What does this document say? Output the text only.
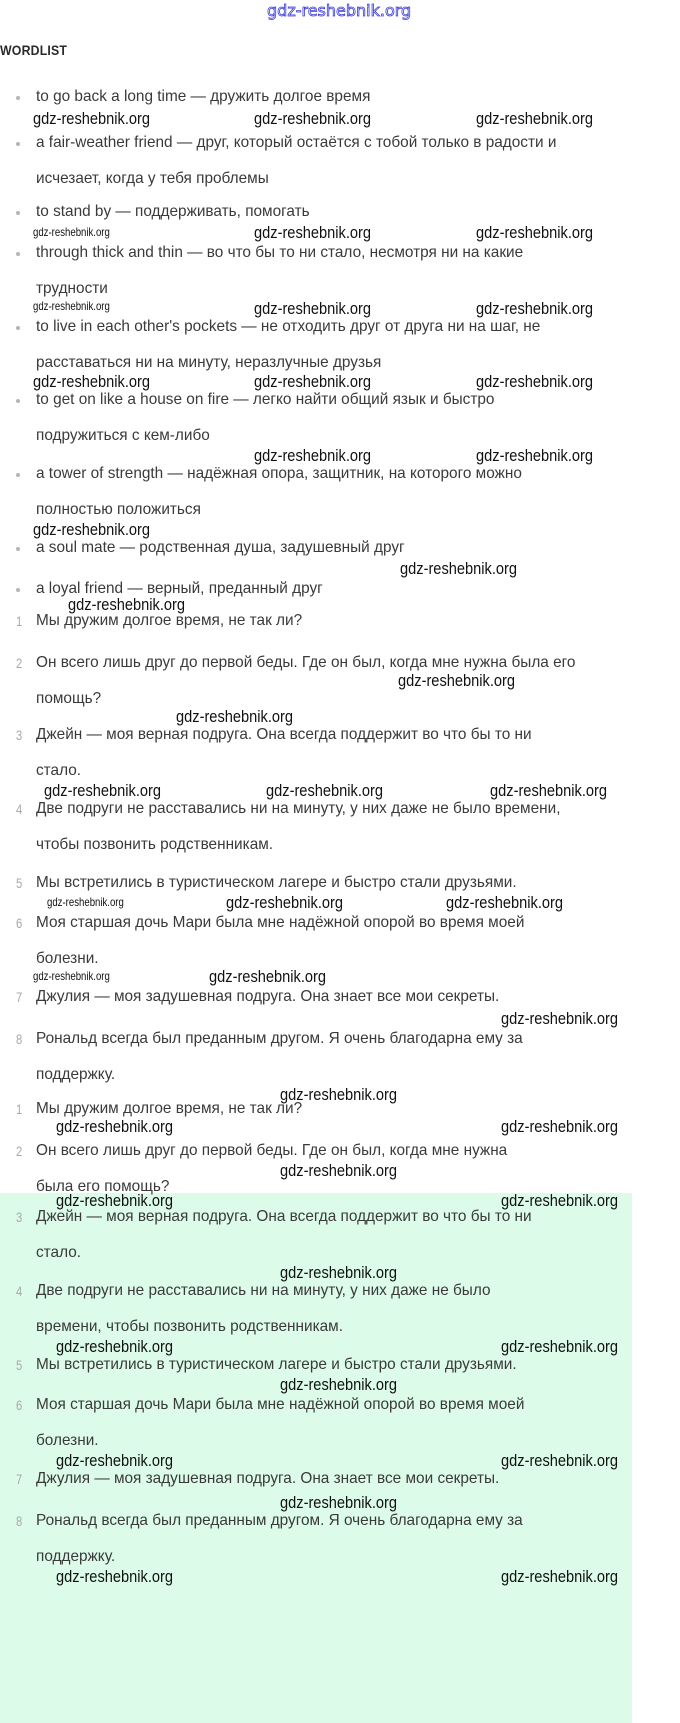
gdz-reshebnik.org
WORDLIST
to go back a long time — дружить долгое время
a fair-weather friend — друг, который остаётся с тобой только в радости и
исчезает, когда у тебя проблемы
to stand by — поддерживать, помогать
through thick and thin — во что бы то ни стало, несмотря ни на какие
трудности
to live in each other's pockets — не отходить друг от друга ни на шаг, не
расставаться ни на минуту, неразлучные друзья
to get on like a house on fire — легко найти общий язык и быстро
подружиться с кем-либо
a tower of strength — надёжная опора, защитник, на которого можно
полностью положиться
a soul mate — родственная душа, задушевный друг
a loyal friend — верный, преданный друг
1 Мы дружим долгое время, не так ли?
2 Он всего лишь друг до первой беды. Где он был, когда мне нужна была его
помощь?
3 Джейн — моя верная подруга. Она всегда поддержит во что бы то ни
стало.
4 Две подруги не расставались ни на минуту, у них даже не было времени,
чтобы позвонить родственникам.
5 Мы встретились в туристическом лагере и быстро стали друзьями.
6 Моя старшая дочь Мари была мне надёжной опорой во время моей
болезни.
7 Джулия — моя задушевная подруга. Она знает все мои секреты.
8 Рональд всегда был преданным другом. Я очень благодарна ему за
поддержку.
1 Мы дружим долгое время, не так ли?
2 Он всего лишь друг до первой беды. Где он был, когда мне нужна
была его помощь?
3 Джейн — моя верная подруга. Она всегда поддержит во что бы то ни
стало.
4 Две подруги не расставались ни на минуту, у них даже не было
времени, чтобы позвонить родственникам.
5 Мы встретились в туристическом лагере и быстро стали друзьями.
6 Моя старшая дочь Мари была мне надёжной опорой во время моей
болезни.
7 Джулия — моя задушевная подруга. Она знает все мои секреты.
8 Рональд всегда был преданным другом. Я очень благодарна ему за
поддержку.
gdz-reshebnik.org	gdz-reshebnik.org	gdz-reshebnik.org
gdz-reshebnik.org	gdz-reshebnik.org	gdz-reshebnik.org
gdz-reshebnik.org	gdz-reshebnik.org	gdz-reshebnik.org
gdz-reshebnik.org	gdz-reshebnik.org	gdz-reshebnik.org
gdz-reshebnik.org	gdz-reshebnik.org
gdz-reshebnik.org
gdz-reshebnik.org
gdz-reshebnik.org
gdz-reshebnik.org
gdz-reshebnik.org
gdz-reshebnik.org
gdz-reshebnik.org	gdz-reshebnik.org
gdz-reshebnik.org	gdz-reshebnik.org	gdz-reshebnik.org
gdz-reshebnik.org	gdz-reshebnik.org
gdz-reshebnik.org
gdz-reshebnik.org
gdz-reshebnik.org	gdz-reshebnik.org
gdz-reshebnik.org
gdz-reshebnik.org	gdz-reshebnik.org
gdz-reshebnik.org
gdz-reshebnik.org	gdz-reshebnik.org
gdz-reshebnik.org
gdz-reshebnik.org	gdz-reshebnik.org
gdz-reshebnik.org
gdz-reshebnik.org	gdz-reshebnik.org
